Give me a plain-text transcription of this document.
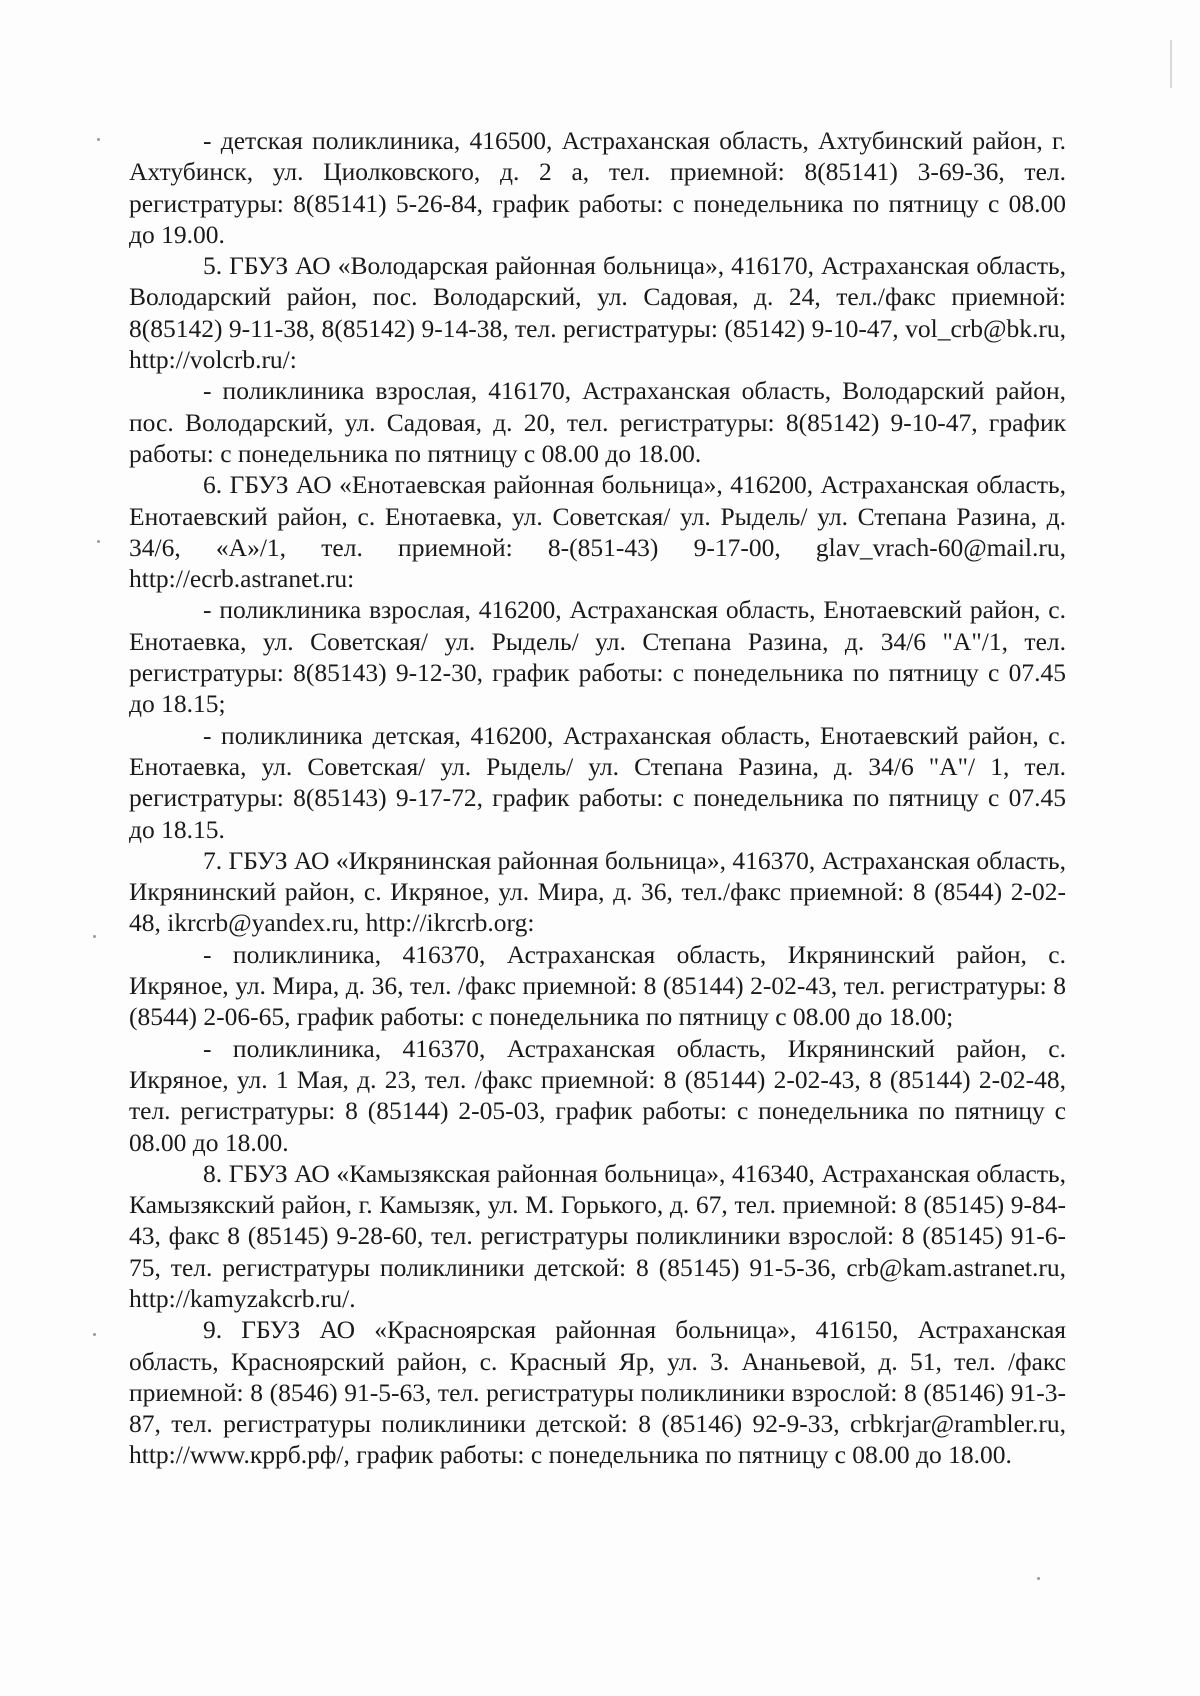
- детская поликлиника, 416500, Астраханская область, Ахтубинский район, г. Ахтубинск, ул. Циолковского, д. 2 а, тел. приемной: 8(85141) 3-69-36, тел. регистратуры: 8(85141) 5-26-84, график работы: с понедельника по пятницу с 08.00 до 19.00.

5. ГБУЗ АО «Володарская районная больница», 416170, Астраханская область, Володарский район, пос. Володарский, ул. Садовая, д. 24, тел./факс приемной: 8(85142) 9-11-38, 8(85142) 9-14-38, тел. регистратуры: (85142) 9-10-47, vol_crb@bk.ru, http://volcrb.ru/:

- поликлиника взрослая, 416170, Астраханская область, Володарский район, пос. Володарский, ул. Садовая, д. 20, тел. регистратуры: 8(85142) 9-10-47, график работы: с понедельника по пятницу с 08.00 до 18.00.

6. ГБУЗ АО «Енотаевская районная больница», 416200, Астраханская область, Енотаевский район, с. Енотаевка, ул. Советская/ ул. Рыдель/ ул. Степана Разина, д. 34/6, «А»/1, тел. приемной: 8-(851-43) 9-17-00, glav_vrach-60@mail.ru, http://ecrb.astranet.ru:

- поликлиника взрослая, 416200, Астраханская область, Енотаевский район, с. Енотаевка, ул. Советская/ ул. Рыдель/ ул. Степана Разина, д. 34/6 "А"/1, тел. регистратуры: 8(85143) 9-12-30, график работы: с понедельника по пятницу с 07.45 до 18.15;

- поликлиника детская, 416200, Астраханская область, Енотаевский район, с. Енотаевка, ул. Советская/ ул. Рыдель/ ул. Степана Разина, д. 34/6 "А"/ 1, тел. регистратуры: 8(85143) 9-17-72, график работы: с понедельника по пятницу с 07.45 до 18.15.

7. ГБУЗ АО «Икрянинская районная больница», 416370, Астраханская область, Икрянинский район, с. Икряное, ул. Мира, д. 36, тел./факс приемной: 8 (8544) 2-02-48, ikrcrb@yandex.ru, http://ikrcrb.org:

- поликлиника, 416370, Астраханская область, Икрянинский район, с. Икряное, ул. Мира, д. 36, тел. /факс приемной: 8 (85144) 2-02-43, тел. регистратуры: 8 (8544) 2-06-65, график работы: с понедельника по пятницу с 08.00 до 18.00;

- поликлиника, 416370, Астраханская область, Икрянинский район, с. Икряное, ул. 1 Мая, д. 23, тел. /факс приемной: 8 (85144) 2-02-43, 8 (85144) 2-02-48, тел. регистратуры: 8 (85144) 2-05-03, график работы: с понедельника по пятницу с 08.00 до 18.00.

8. ГБУЗ АО «Камызякская районная больница», 416340, Астраханская область, Камызякский район, г. Камызяк, ул. М. Горького, д. 67, тел. приемной: 8 (85145) 9-84-43, факс 8 (85145) 9-28-60, тел. регистратуры поликлиники взрослой: 8 (85145) 91-6-75, тел. регистратуры поликлиники детской: 8 (85145) 91-5-36, crb@kam.astranet.ru, http://kamyzakcrb.ru/.

9. ГБУЗ АО «Красноярская районная больница», 416150, Астраханская область, Красноярский район, с. Красный Яр, ул. 3. Ананьевой, д. 51, тел. /факс приемной: 8 (8546) 91-5-63, тел. регистратуры поликлиники взрослой: 8 (85146) 91-3-87, тел. регистратуры поликлиники детской: 8 (85146) 92-9-33, crbkrjar@rambler.ru, http://www.крpб.рф/, график работы: с понедельника по пятницу с 08.00 до 18.00.
